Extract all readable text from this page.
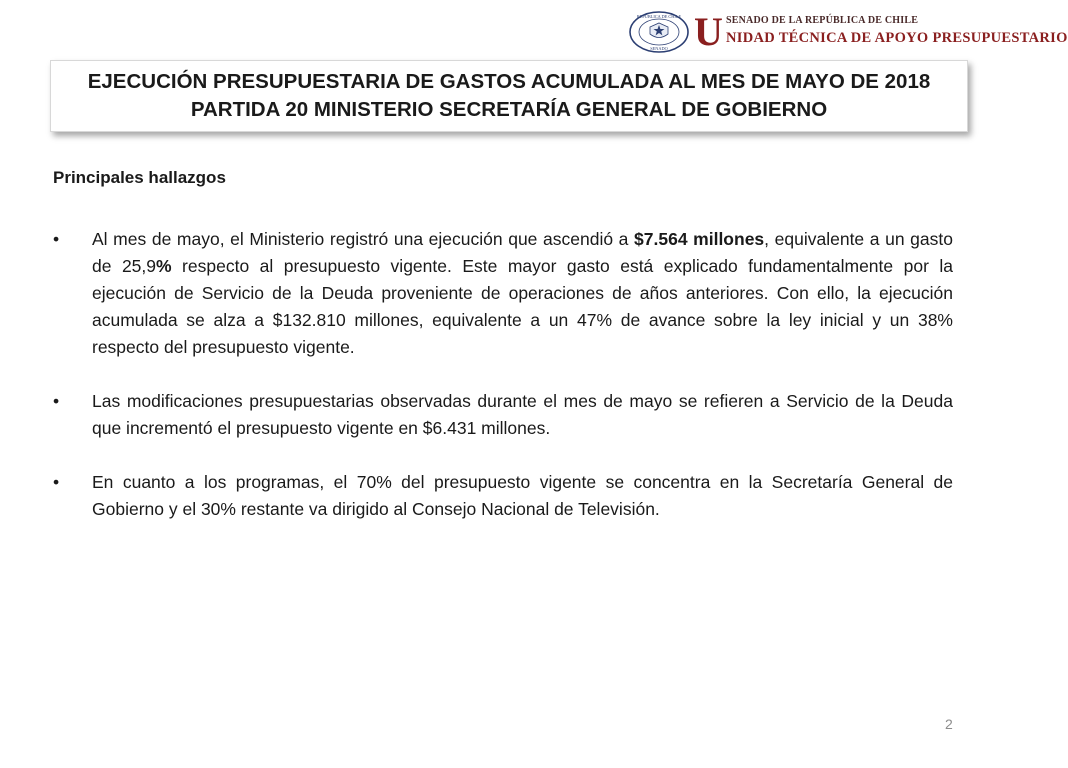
REPÚBLICA DE CHILE
SENADO U SENADO DE LA REPÚBLICA DE CHILE
NIDAD TÉCNICA DE APOYO PRESUPUESTARIO
EJECUCIÓN PRESUPUESTARIA DE GASTOS ACUMULADA AL MES DE MAYO DE 2018
PARTIDA 20 MINISTERIO SECRETARÍA GENERAL DE GOBIERNO
Principales hallazgos
• Al mes de mayo, el Ministerio registró una ejecución que ascendió a $7.564 millones, equivalente a un gasto de 25,9% respecto al presupuesto vigente. Este mayor gasto está explicado fundamentalmente por la ejecución de Servicio de la Deuda proveniente de operaciones de años anteriores. Con ello, la ejecución acumulada se alza a $132.810 millones, equivalente a un 47% de avance sobre la ley inicial y un 38% respecto del presupuesto vigente.
• Las modificaciones presupuestarias observadas durante el mes de mayo se refieren a Servicio de la Deuda que incrementó el presupuesto vigente en $6.431 millones.
• En cuanto a los programas, el 70% del presupuesto vigente se concentra en la Secretaría General de Gobierno y el 30% restante va dirigido al Consejo Nacional de Televisión.
2
